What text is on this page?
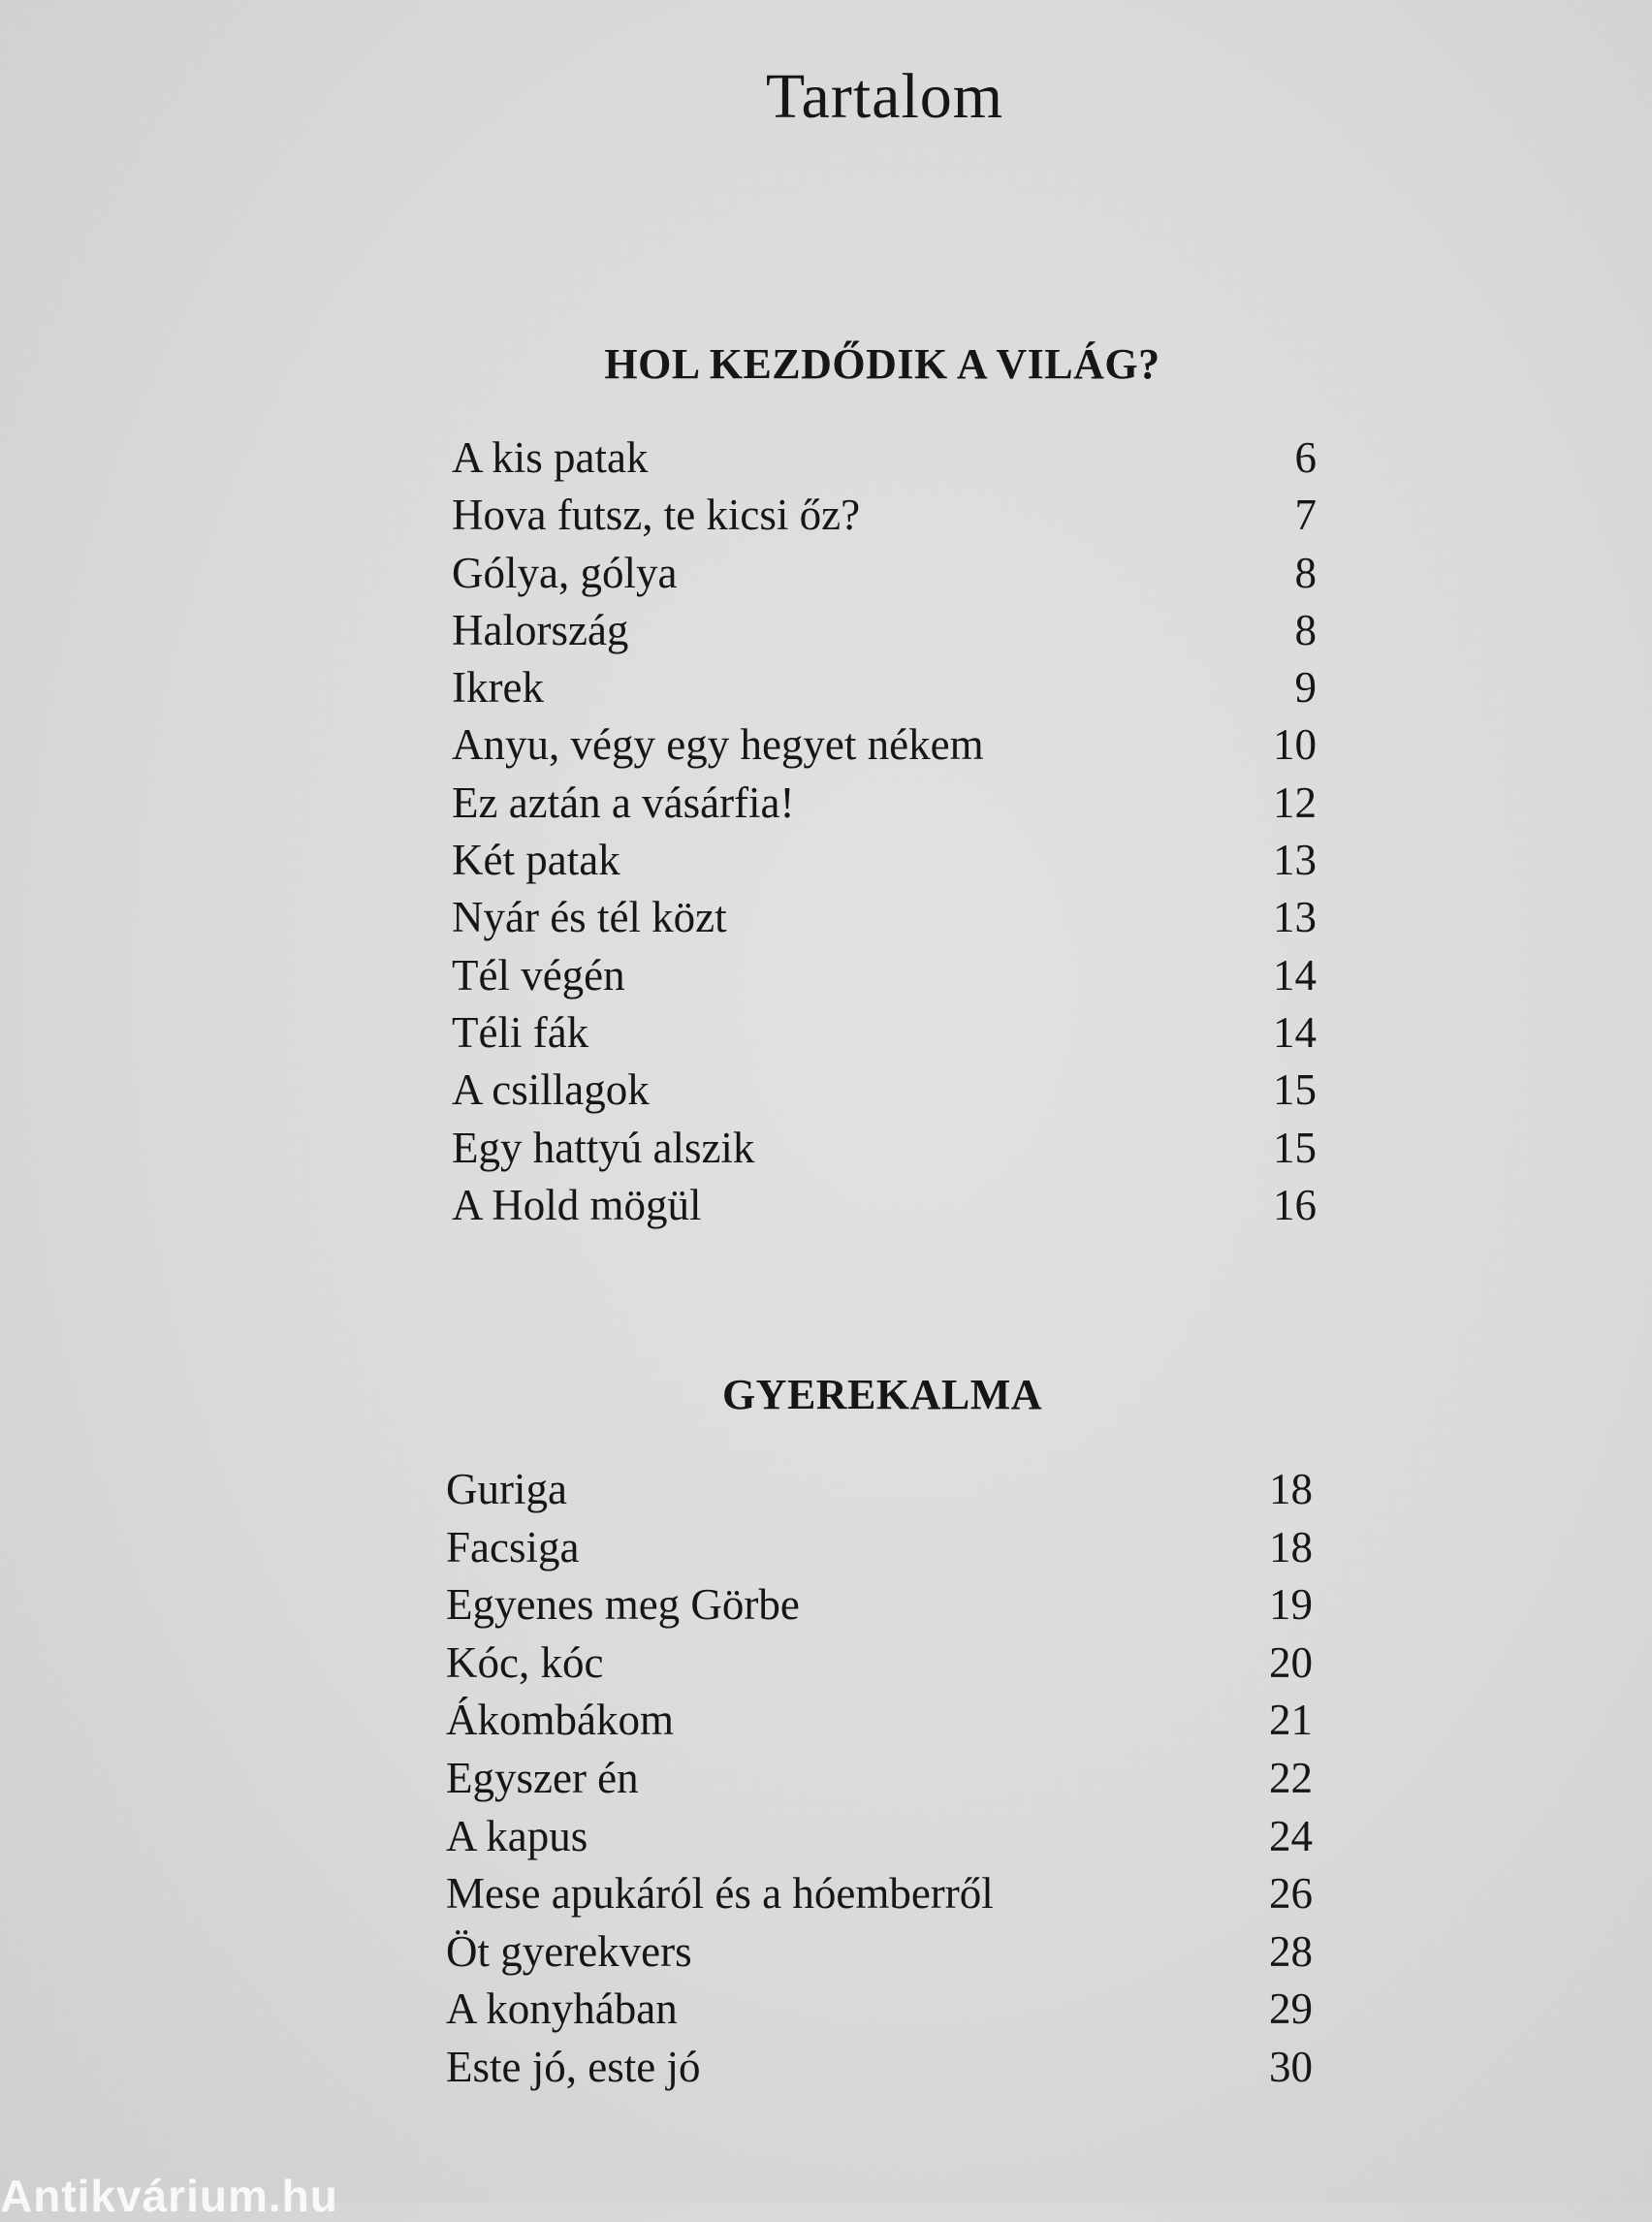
Tartalom
HOL KEZDŐDIK A VILÁG?
A kis patak	6
Hova futsz, te kicsi őz?	7
Gólya, gólya	8
Halország	8
Ikrek	9
Anyu, végy egy hegyet nékem	10
Ez aztán a vásárfia!	12
Két patak	13
Nyár és tél közt	13
Tél végén	14
Téli fák	14
A csillagok	15
Egy hattyú alszik	15
A Hold mögül	16
GYEREKALMA
Guriga	18
Facsiga	18
Egyenes meg Görbe	19
Kóc, kóc	20
Ákombákom	21
Egyszer én	22
A kapus	24
Mese apukáról és a hóemberről	26
Öt gyerekvers	28
A konyhában	29
Este jó, este jó	30
Antikvárium.hu
